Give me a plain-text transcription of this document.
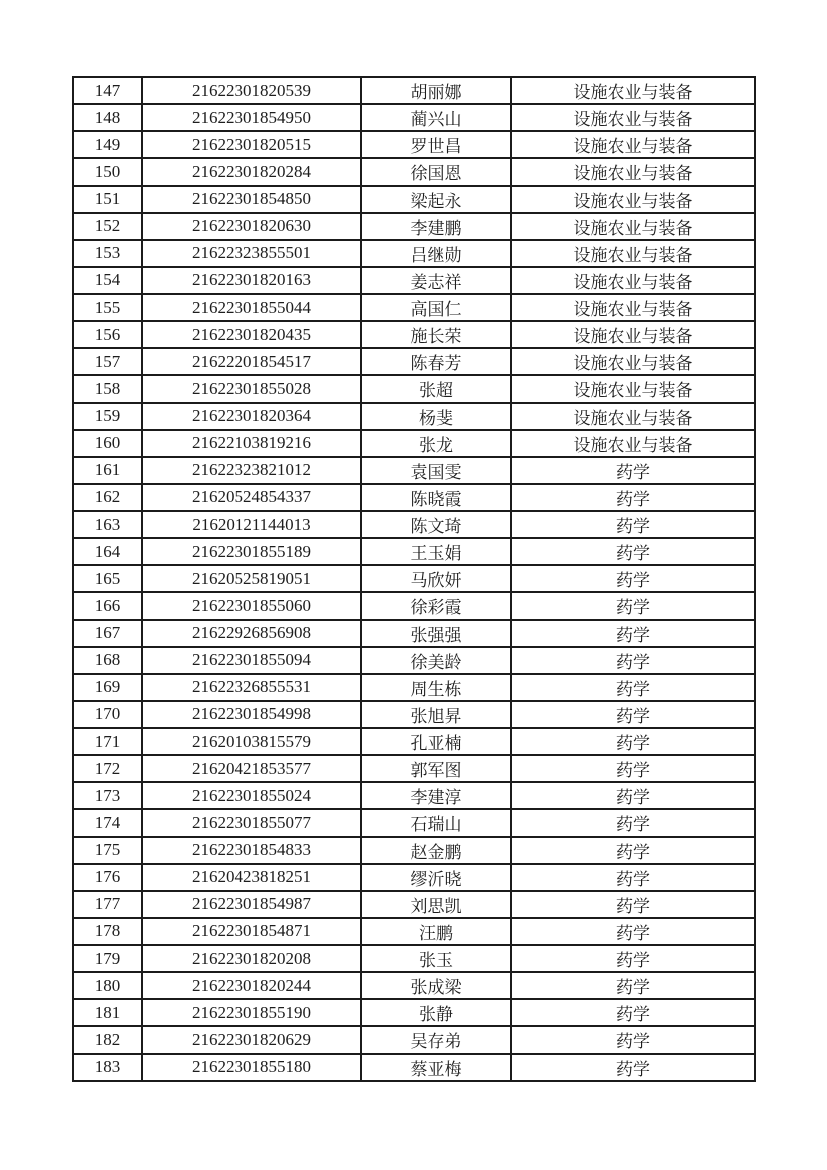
147	21622301820539	胡丽娜	设施农业与装备
148	21622301854950	蔺兴山	设施农业与装备
149	21622301820515	罗世昌	设施农业与装备
150	21622301820284	徐国恩	设施农业与装备
151	21622301854850	梁起永	设施农业与装备
152	21622301820630	李建鹏	设施农业与装备
153	21622323855501	吕继勋	设施农业与装备
154	21622301820163	姜志祥	设施农业与装备
155	21622301855044	高国仁	设施农业与装备
156	21622301820435	施长荣	设施农业与装备
157	21622201854517	陈春芳	设施农业与装备
158	21622301855028	张超	设施农业与装备
159	21622301820364	杨斐	设施农业与装备
160	21622103819216	张龙	设施农业与装备
161	21622323821012	袁国雯	药学
162	21620524854337	陈晓霞	药学
163	21620121144013	陈文琦	药学
164	21622301855189	王玉娟	药学
165	21620525819051	马欣妍	药学
166	21622301855060	徐彩霞	药学
167	21622926856908	张强强	药学
168	21622301855094	徐美龄	药学
169	21622326855531	周生栋	药学
170	21622301854998	张旭昇	药学
171	21620103815579	孔亚楠	药学
172	21620421853577	郭军图	药学
173	21622301855024	李建淳	药学
174	21622301855077	石瑞山	药学
175	21622301854833	赵金鹏	药学
176	21620423818251	缪沂晓	药学
177	21622301854987	刘思凯	药学
178	21622301854871	汪鹏	药学
179	21622301820208	张玉	药学
180	21622301820244	张成梁	药学
181	21622301855190	张静	药学
182	21622301820629	吴存弟	药学
183	21622301855180	蔡亚梅	药学
